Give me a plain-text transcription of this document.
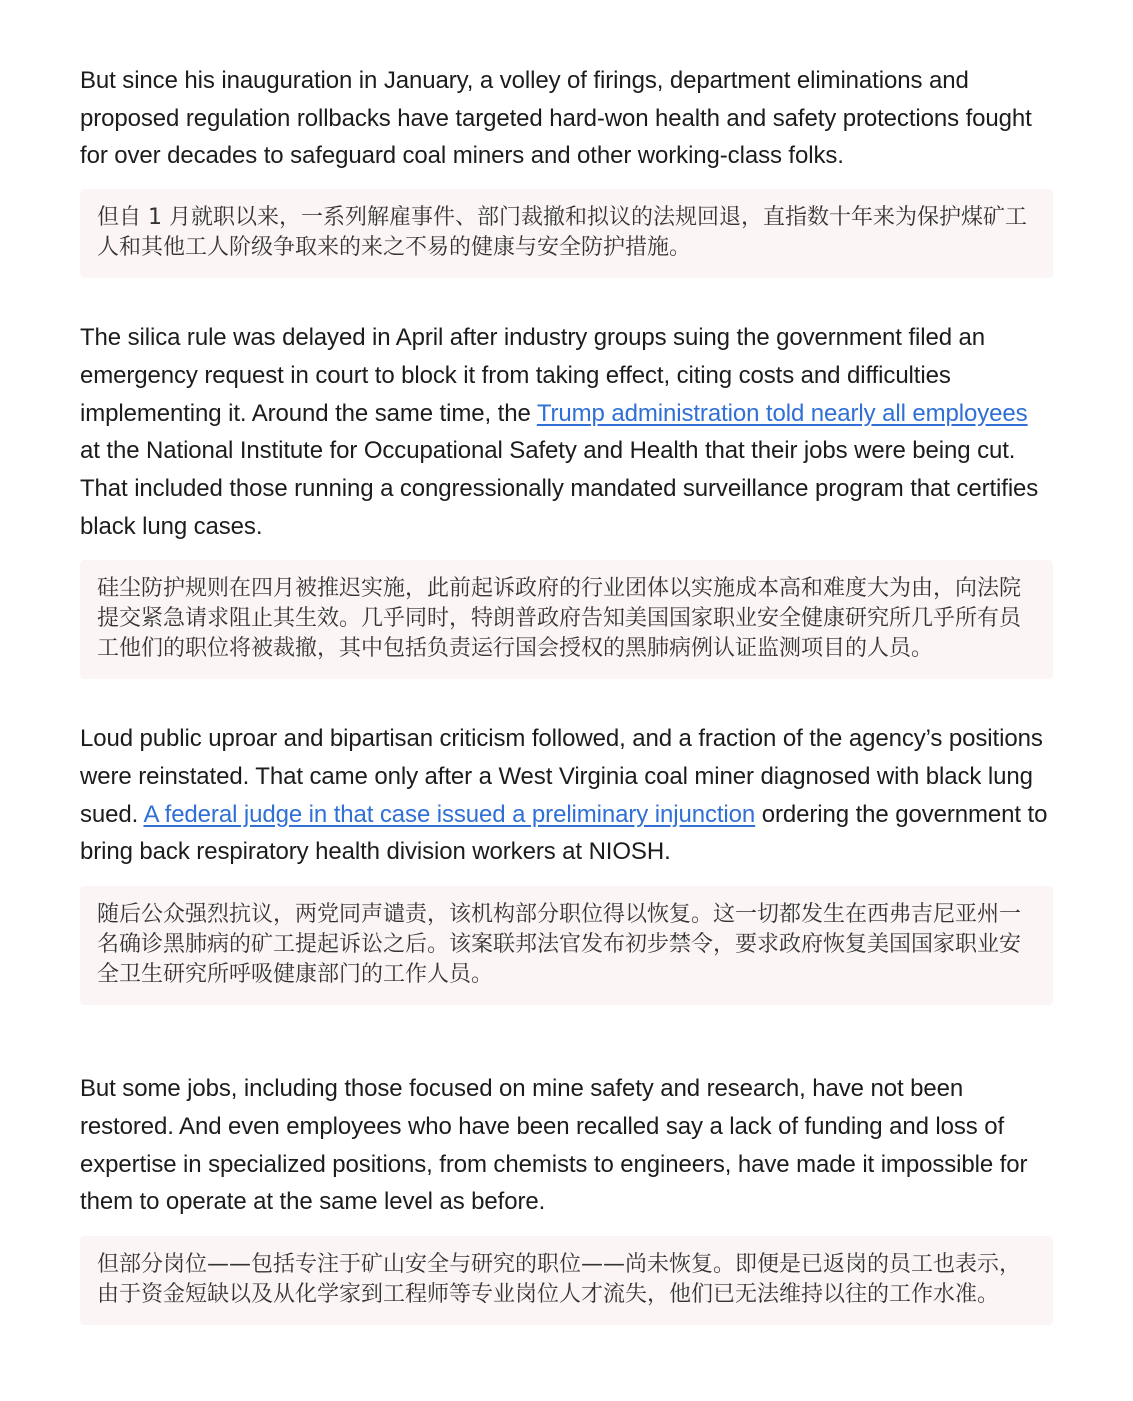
But since his inauguration in January, a volley of firings, department eliminations and proposed regulation rollbacks have targeted hard-won health and safety protections fought for over decades to safeguard coal miners and other working-class folks.

但自 1 月就职以来，一系列解雇事件、部门裁撤和拟议的法规回退，直指数十年来为保护煤矿工人和其他工人阶级争取来的来之不易的健康与安全防护措施。

The silica rule was delayed in April after industry groups suing the government filed an emergency request in court to block it from taking effect, citing costs and difficulties implementing it. Around the same time, the Trump administration told nearly all employees at the National Institute for Occupational Safety and Health that their jobs were being cut. That included those running a congressionally mandated surveillance program that certifies black lung cases.

硅尘防护规则在四月被推迟实施，此前起诉政府的行业团体以实施成本高和难度大为由，向法院提交紧急请求阻止其生效。几乎同时，特朗普政府告知美国国家职业安全健康研究所几乎所有员工他们的职位将被裁撤，其中包括负责运行国会授权的黑肺病例认证监测项目的人员。

Loud public uproar and bipartisan criticism followed, and a fraction of the agency’s positions were reinstated. That came only after a West Virginia coal miner diagnosed with black lung sued. A federal judge in that case issued a preliminary injunction ordering the government to bring back respiratory health division workers at NIOSH.

随后公众强烈抗议，两党同声谴责，该机构部分职位得以恢复。这一切都发生在西弗吉尼亚州一名确诊黑肺病的矿工提起诉讼之后。该案联邦法官发布初步禁令，要求政府恢复美国国家职业安全卫生研究所呼吸健康部门的工作人员。

But some jobs, including those focused on mine safety and research, have not been restored. And even employees who have been recalled say a lack of funding and loss of expertise in specialized positions, from chemists to engineers, have made it impossible for them to operate at the same level as before.

但部分岗位——包括专注于矿山安全与研究的职位——尚未恢复。即便是已返岗的员工也表示，由于资金短缺以及从化学家到工程师等专业岗位人才流失，他们已无法维持以往的工作水准。
